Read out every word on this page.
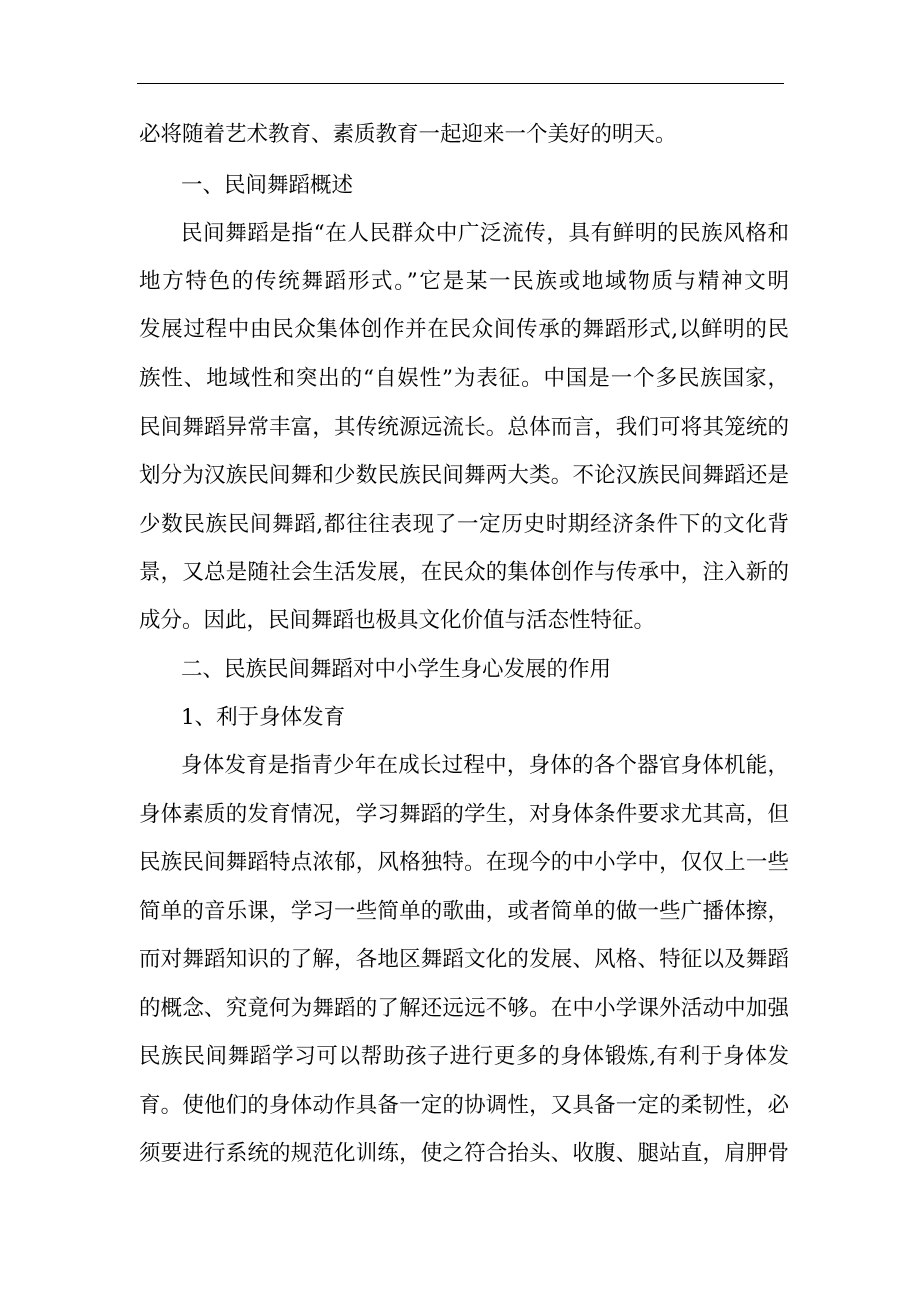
必将随着艺术教育、素质教育一起迎来一个美好的明天。

一、民间舞蹈概述

民间舞蹈是指“在人民群众中广泛流传，具有鲜明的民族风格和

地方特色的传统舞蹈形式。”它是某一民族或地域物质与精神文明

发展过程中由民众集体创作并在民众间传承的舞蹈形式,以鲜明的民

族性、地域性和突出的“自娱性”为表征。中国是一个多民族国家，

民间舞蹈异常丰富，其传统源远流长。总体而言，我们可将其笼统的

划分为汉族民间舞和少数民族民间舞两大类。不论汉族民间舞蹈还是

少数民族民间舞蹈,都往往表现了一定历史时期经济条件下的文化背

景，又总是随社会生活发展，在民众的集体创作与传承中，注入新的

成分。因此，民间舞蹈也极具文化价值与活态性特征。

二、民族民间舞蹈对中小学生身心发展的作用

1、利于身体发育

身体发育是指青少年在成长过程中，身体的各个器官身体机能，

身体素质的发育情况，学习舞蹈的学生，对身体条件要求尤其高，但

民族民间舞蹈特点浓郁，风格独特。在现今的中小学中，仅仅上一些

简单的音乐课，学习一些简单的歌曲，或者简单的做一些广播体擦，

而对舞蹈知识的了解，各地区舞蹈文化的发展、风格、特征以及舞蹈

的概念、究竟何为舞蹈的了解还远远不够。在中小学课外活动中加强

民族民间舞蹈学习可以帮助孩子进行更多的身体锻炼,有利于身体发

育。使他们的身体动作具备一定的协调性，又具备一定的柔韧性，必

须要进行系统的规范化训练，使之符合抬头、收腹、腿站直，肩胛骨
